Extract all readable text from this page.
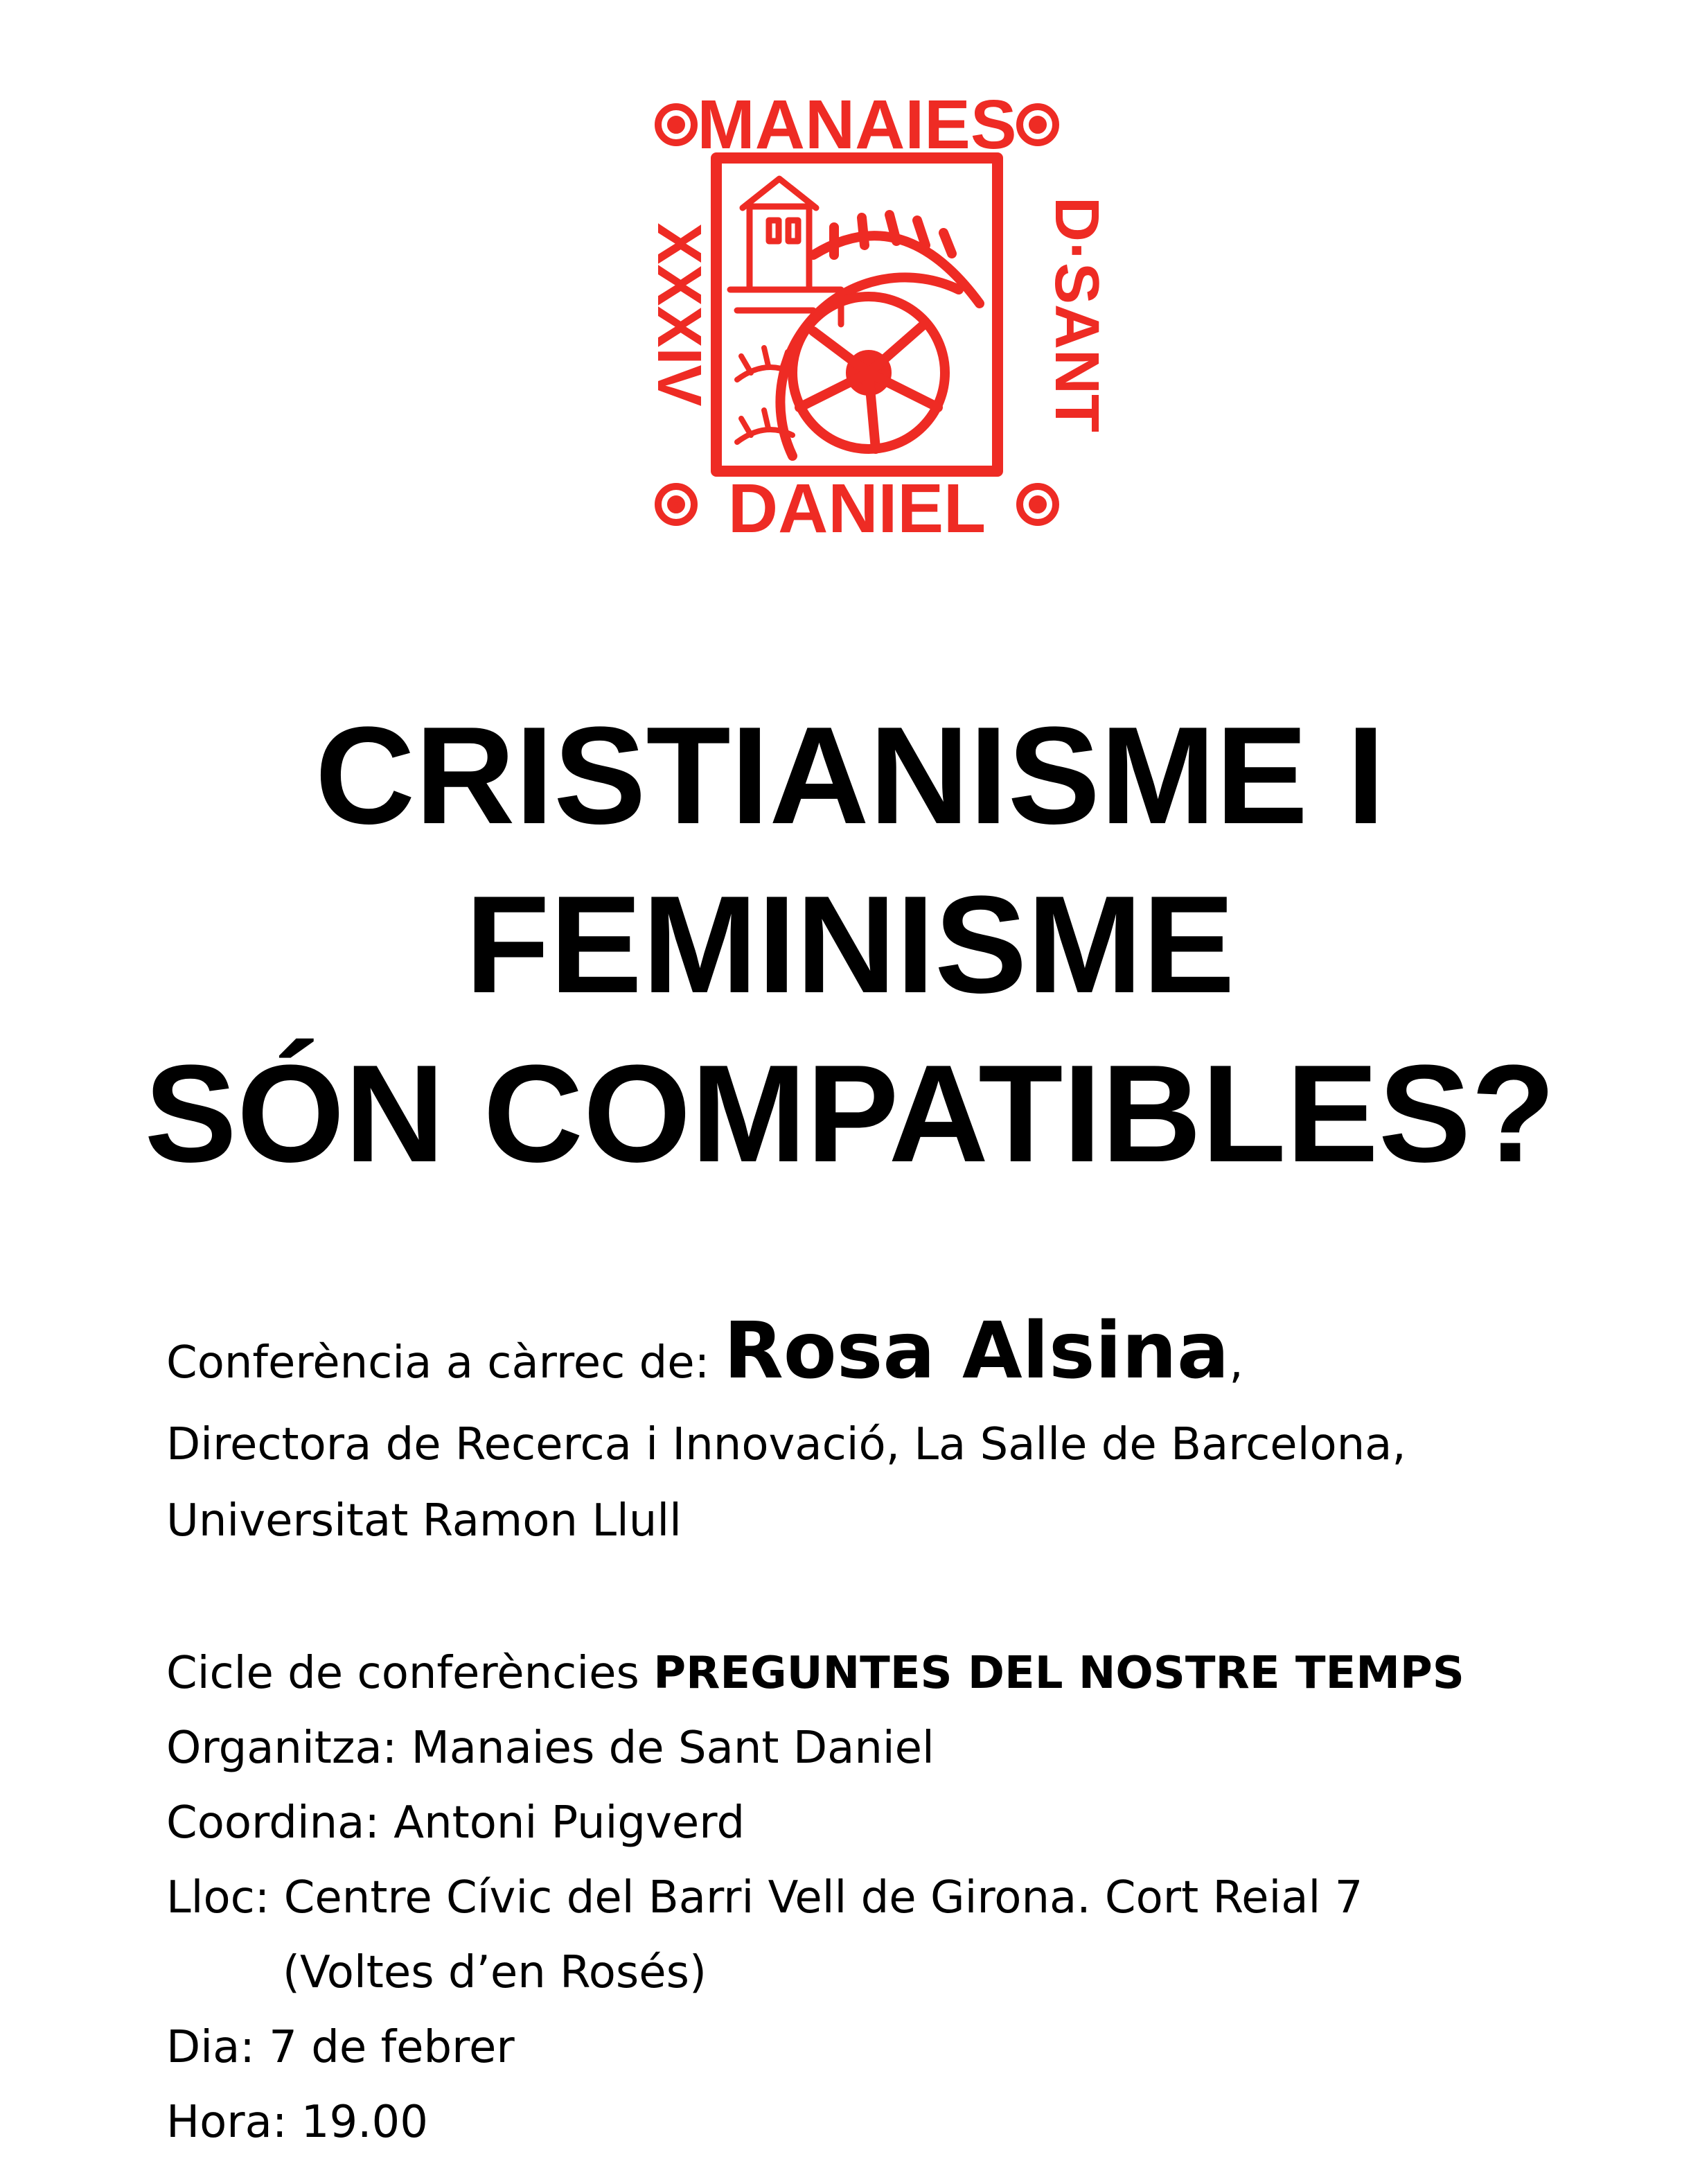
MANAIES
DANIEL
D·SANT
XXXIV
CRISTIANISME I
FEMINISME
SÓN COMPATIBLES?
Conferència a càrrec de: Rosa Alsina,
Directora de Recerca i Innovació, La Salle de Barcelona,
Universitat Ramon Llull
Cicle de conferències PREGUNTES DEL NOSTRE TEMPS
Organitza: Manaies de Sant Daniel
Coordina: Antoni Puigverd
Lloc: Centre Cívic del Barri Vell de Girona. Cort Reial 7
(Voltes d’en Rosés)
Dia: 7 de febrer
Hora: 19.00
